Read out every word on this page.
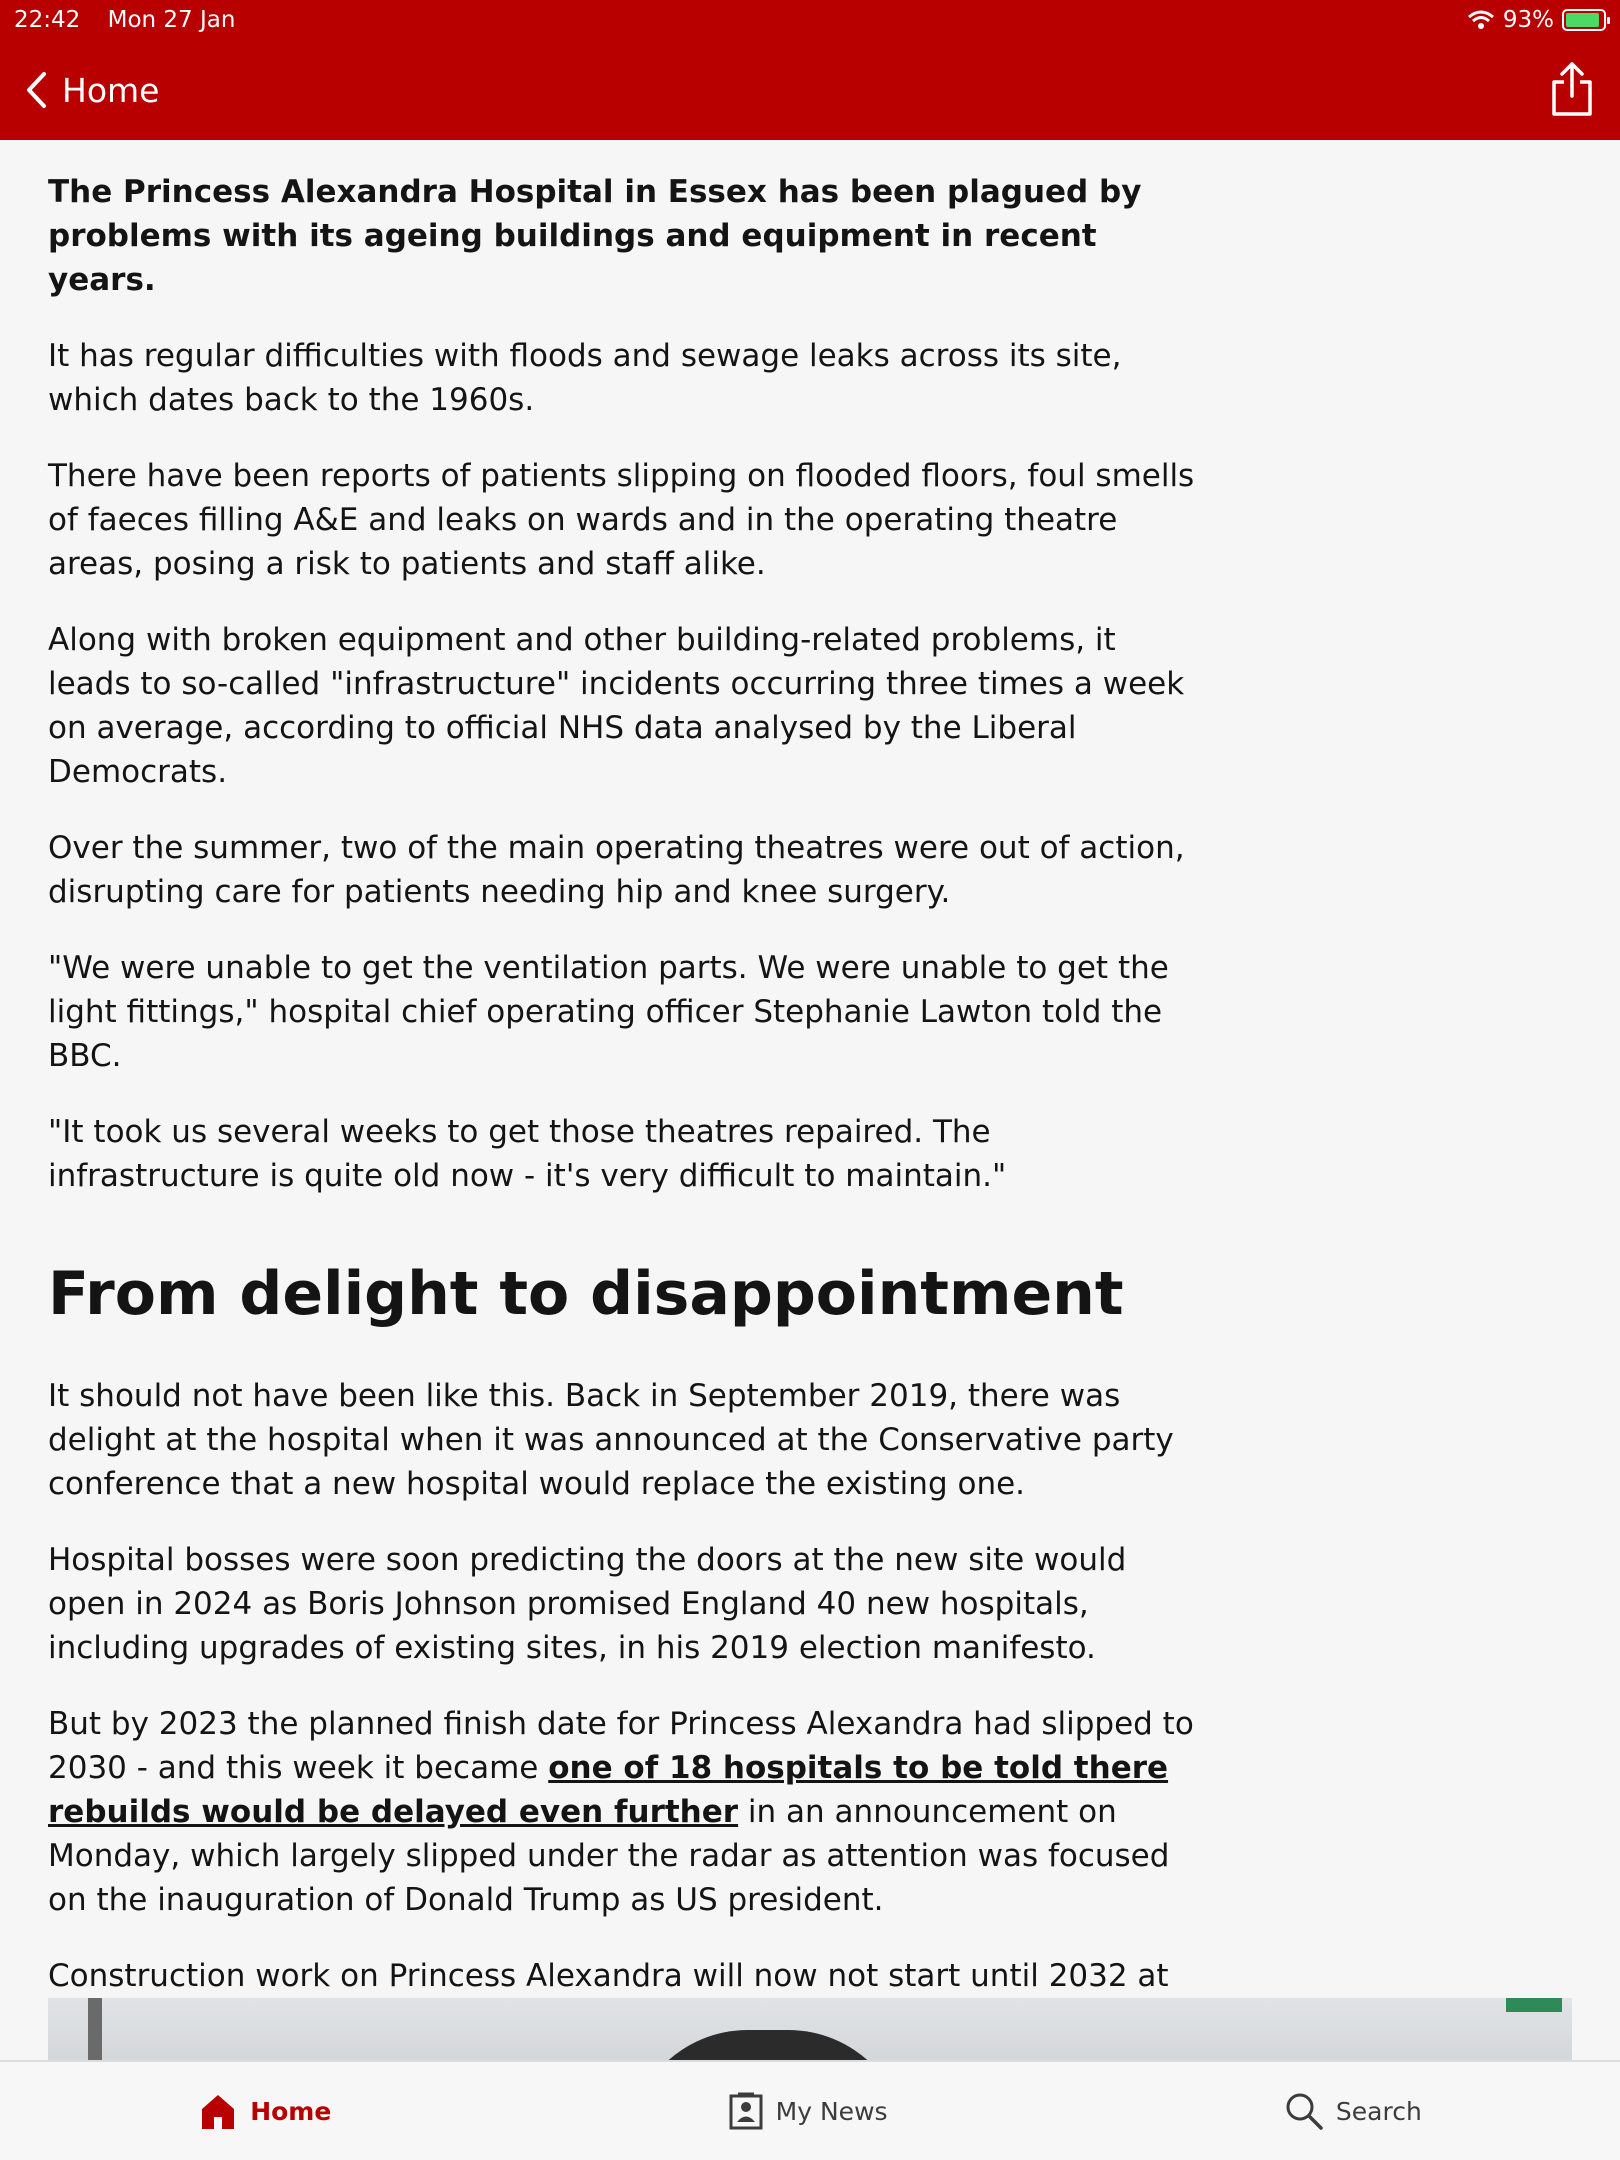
22:42 Mon 27 Jan	93%
Home

The Princess Alexandra Hospital in Essex has been plagued by problems with its ageing buildings and equipment in recent years.

It has regular difficulties with floods and sewage leaks across its site, which dates back to the 1960s.

There have been reports of patients slipping on flooded floors, foul smells of faeces filling A&E and leaks on wards and in the operating theatre areas, posing a risk to patients and staff alike.

Along with broken equipment and other building-related problems, it leads to so-called "infrastructure" incidents occurring three times a week on average, according to official NHS data analysed by the Liberal Democrats.

Over the summer, two of the main operating theatres were out of action, disrupting care for patients needing hip and knee surgery.

"We were unable to get the ventilation parts. We were unable to get the light fittings," hospital chief operating officer Stephanie Lawton told the BBC.

"It took us several weeks to get those theatres repaired. The infrastructure is quite old now - it's very difficult to maintain."

From delight to disappointment

It should not have been like this. Back in September 2019, there was delight at the hospital when it was announced at the Conservative party conference that a new hospital would replace the existing one.

Hospital bosses were soon predicting the doors at the new site would open in 2024 as Boris Johnson promised England 40 new hospitals, including upgrades of existing sites, in his 2019 election manifesto.

But by 2023 the planned finish date for Princess Alexandra had slipped to 2030 - and this week it became one of 18 hospitals to be told there rebuilds would be delayed even further in an announcement on Monday, which largely slipped under the radar as attention was focused on the inauguration of Donald Trump as US president.

Construction work on Princess Alexandra will now not start until 2032 at

Home	My News	Search
